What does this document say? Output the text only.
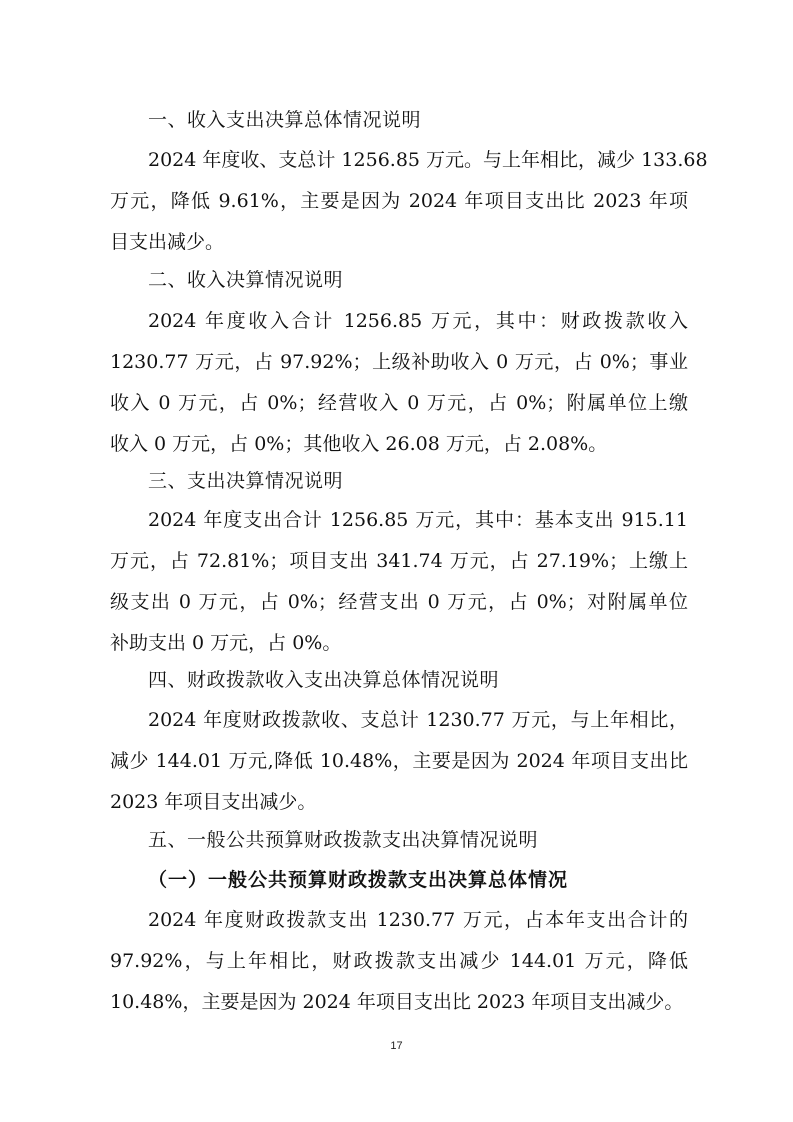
一、收入支出决算总体情况说明
2024 年度收、支总计 1256.85 万元。与上年相比，减少 133.68
万元，降低 9.61%，主要是因为 2024 年项目支出比 2023 年项
目支出减少。
二、收入决算情况说明
2024 年度收入合计 1256.85 万元，其中：财政拨款收入
1230.77 万元，占 97.92%；上级补助收入 0 万元，占 0%；事业
收入 0 万元，占 0%；经营收入 0 万元，占 0%；附属单位上缴
收入 0 万元，占 0%；其他收入 26.08 万元，占 2.08%。
三、支出决算情况说明
2024 年度支出合计 1256.85 万元，其中：基本支出 915.11
万元，占 72.81%；项目支出 341.74 万元，占 27.19%；上缴上
级支出 0 万元，占 0%；经营支出 0 万元，占 0%；对附属单位
补助支出 0 万元，占 0%。
四、财政拨款收入支出决算总体情况说明
2024 年度财政拨款收、支总计 1230.77 万元，与上年相比，
减少 144.01 万元,降低 10.48%，主要是因为 2024 年项目支出比
2023 年项目支出减少。
五、一般公共预算财政拨款支出决算情况说明
（一）一般公共预算财政拨款支出决算总体情况
2024 年度财政拨款支出 1230.77 万元，占本年支出合计的
97.92%，与上年相比，财政拨款支出减少 144.01 万元，降低
10.48%，主要是因为 2024 年项目支出比 2023 年项目支出减少。
17
